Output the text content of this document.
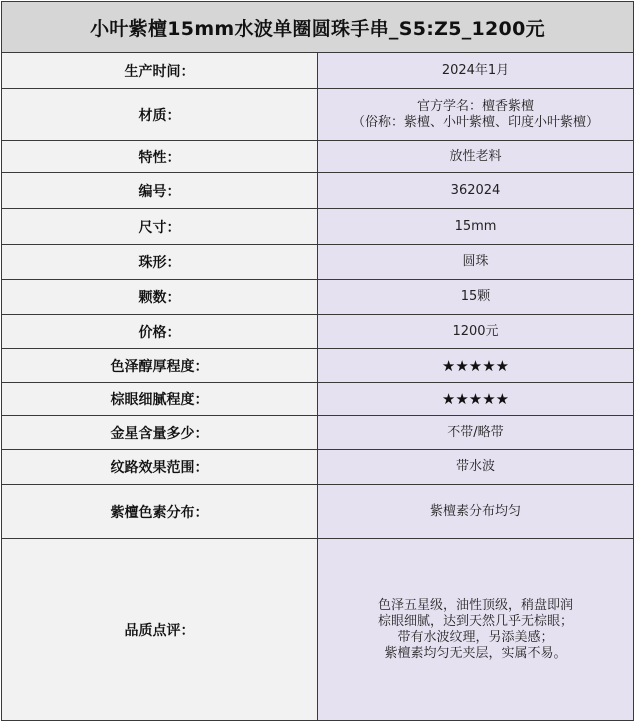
小叶紫檀15mm水波单圈圆珠手串_S5:Z5_1200元	
生产时间：	2024年1月

材质：	官方学名：檀香紫檀
（俗称：紫檀、小叶紫檀、印度小叶紫檀）

特性：	放性老料

编号：	362024

尺寸：	15mm

珠形：	圆珠

颗数：	15颗

价格：	1200元

色泽醇厚程度：	★★★★★

棕眼细腻程度：	★★★★★

金星含量多少：	不带/略带

纹路效果范围：	带水波

紫檀色素分布：	紫檀素分布均匀

品质点评：	色泽五星级，油性顶级，稍盘即润
棕眼细腻，达到天然几乎无棕眼；
带有水波纹理，另添美感；
紫檀素均匀无夹层，实属不易。
